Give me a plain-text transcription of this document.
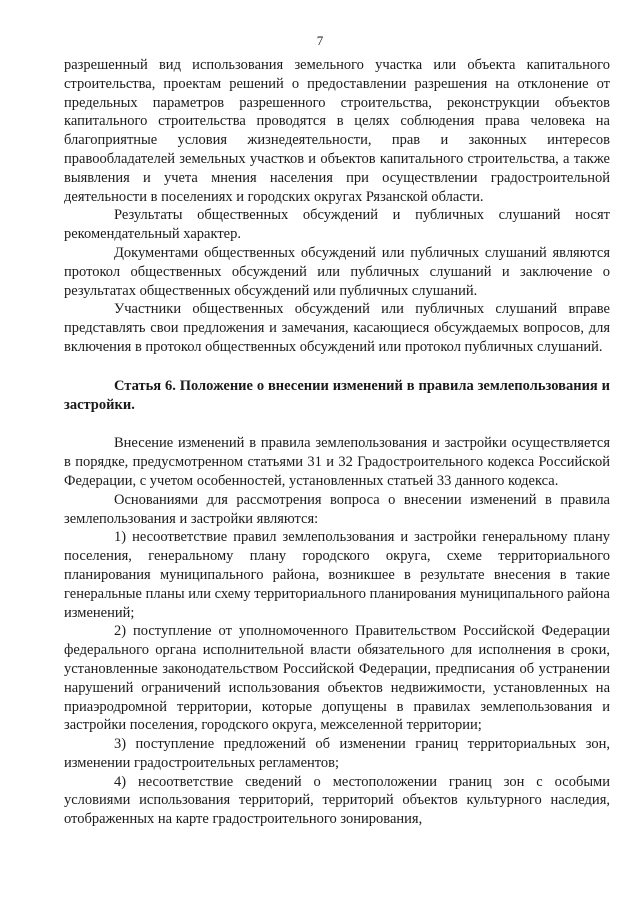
7

разрешенный вид использования земельного участка или объекта капитального строительства, проектам решений о предоставлении разрешения на отклонение от предельных параметров разрешенного строительства, реконструкции объектов капитального строительства проводятся в целях соблюдения права человека на благоприятные условия жизнедеятельности, прав и законных интересов правообладателей земельных участков и объектов капитального строительства, а также выявления и учета мнения населения при осуществлении градостроительной деятельности в поселениях и городских округах Рязанской области.

Результаты общественных обсуждений и публичных слушаний носят рекомендательный характер.

Документами общественных обсуждений или публичных слушаний являются протокол общественных обсуждений или публичных слушаний и заключение о результатах общественных обсуждений или публичных слушаний.

Участники общественных обсуждений или публичных слушаний вправе представлять свои предложения и замечания, касающиеся обсуждаемых вопросов, для включения в протокол общественных обсуждений или протокол публичных слушаний.

Статья 6. Положение о внесении изменений в правила землепользования и застройки.

Внесение изменений в правила землепользования и застройки осуществляется в порядке, предусмотренном статьями 31 и 32 Градостроительного кодекса Российской Федерации, с учетом особенностей, установленных статьей 33 данного кодекса.

Основаниями для рассмотрения вопроса о внесении изменений в правила землепользования и застройки являются:

1) несоответствие правил землепользования и застройки генеральному плану поселения, генеральному плану городского округа, схеме территориального планирования муниципального района, возникшее в результате внесения в такие генеральные планы или схему территориального планирования муниципального района изменений;

2) поступление от уполномоченного Правительством Российской Федерации федерального органа исполнительной власти обязательного для исполнения в сроки, установленные законодательством Российской Федерации, предписания об устранении нарушений ограничений использования объектов недвижимости, установленных на приаэродромной территории, которые допущены в правилах землепользования и застройки поселения, городского округа, межселенной территории;

3) поступление предложений об изменении границ территориальных зон, изменении градостроительных регламентов;

4) несоответствие сведений о местоположении границ зон с особыми условиями использования территорий, территорий объектов культурного наследия, отображенных на карте градостроительного зонирования,
